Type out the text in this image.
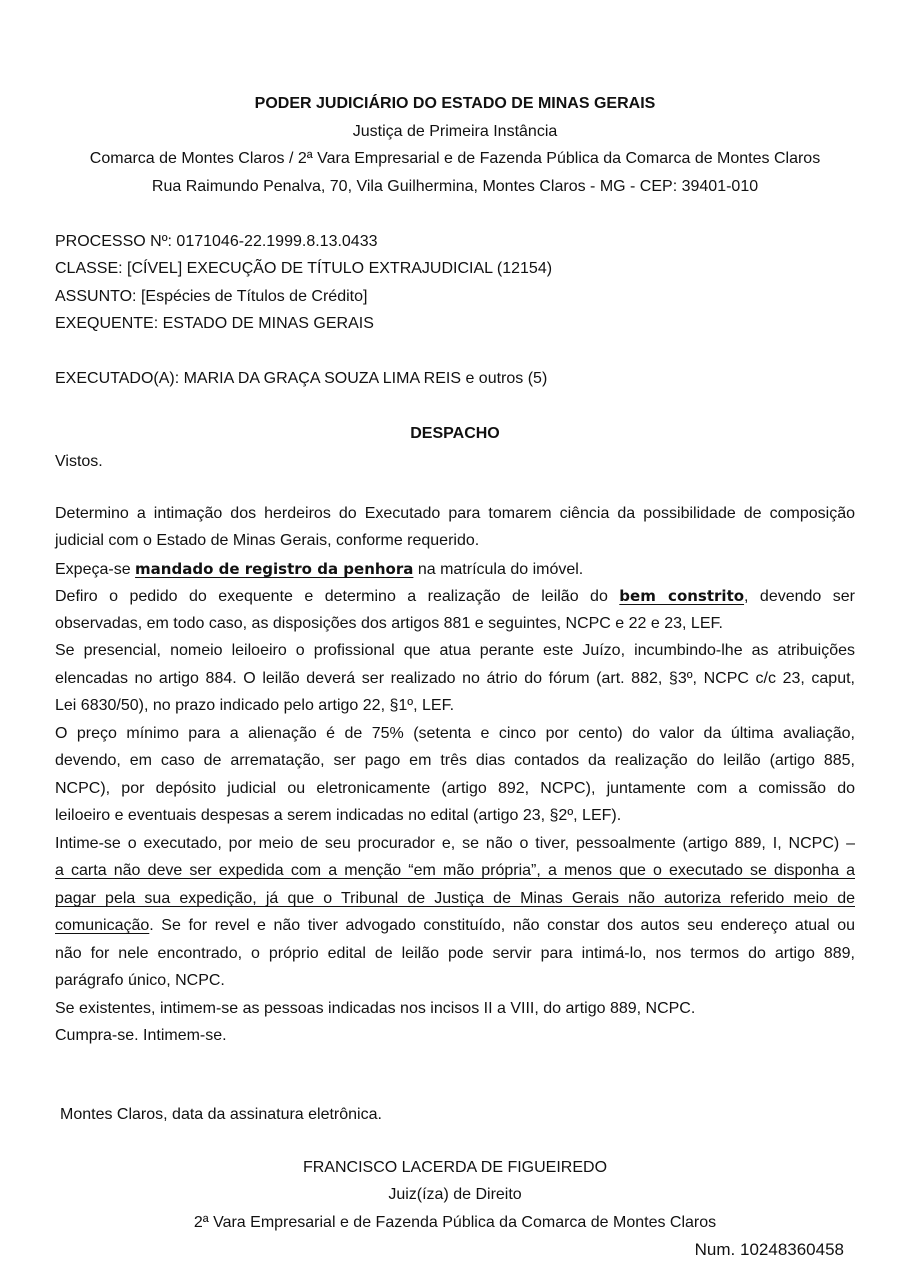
PODER JUDICIÁRIO DO ESTADO DE MINAS GERAIS
Justiça de Primeira Instância
Comarca de Montes Claros / 2ª Vara Empresarial e de Fazenda Pública da Comarca de Montes Claros
Rua Raimundo Penalva, 70, Vila Guilhermina, Montes Claros - MG - CEP: 39401-010
PROCESSO Nº: 0171046-22.1999.8.13.0433
CLASSE: [CÍVEL] EXECUÇÃO DE TÍTULO EXTRAJUDICIAL (12154)
ASSUNTO: [Espécies de Títulos de Crédito]
EXEQUENTE: ESTADO DE MINAS GERAIS
EXECUTADO(A): MARIA DA GRAÇA SOUZA LIMA REIS e outros (5)
DESPACHO
Vistos.
Determino a intimação dos herdeiros do Executado para tomarem ciência da possibilidade de composição
judicial com o Estado de Minas Gerais, conforme requerido.
Expeça-se mandado de registro da penhora na matrícula do imóvel.
Defiro o pedido do exequente e determino a realização de leilão do bem constrito, devendo ser
observadas, em todo caso, as disposições dos artigos 881 e seguintes, NCPC e 22 e 23, LEF.
Se presencial, nomeio leiloeiro o profissional que atua perante este Juízo, incumbindo-lhe as atribuições
elencadas no artigo 884. O leilão deverá ser realizado no átrio do fórum (art. 882, §3º, NCPC c/c 23, caput,
Lei 6830/50), no prazo indicado pelo artigo 22, §1º, LEF.
O preço mínimo para a alienação é de 75% (setenta e cinco por cento) do valor da última avaliação,
devendo, em caso de arrematação, ser pago em três dias contados da realização do leilão (artigo 885,
NCPC), por depósito judicial ou eletronicamente (artigo 892, NCPC), juntamente com a comissão do
leiloeiro e eventuais despesas a serem indicadas no edital (artigo 23, §2º, LEF).
Intime-se o executado, por meio de seu procurador e, se não o tiver, pessoalmente (artigo 889, I, NCPC) –
a carta não deve ser expedida com a menção “em mão própria”, a menos que o executado se disponha a
pagar pela sua expedição, já que o Tribunal de Justiça de Minas Gerais não autoriza referido meio de
comunicação. Se for revel e não tiver advogado constituído, não constar dos autos seu endereço atual ou
não for nele encontrado, o próprio edital de leilão pode servir para intimá-lo, nos termos do artigo 889,
parágrafo único, NCPC.
Se existentes, intimem-se as pessoas indicadas nos incisos II a VIII, do artigo 889, NCPC.
Cumpra-se. Intimem-se.
Montes Claros, data da assinatura eletrônica.
FRANCISCO LACERDA DE FIGUEIREDO
Juiz(íza) de Direito
2ª Vara Empresarial e de Fazenda Pública da Comarca de Montes Claros
Num. 10248360458
